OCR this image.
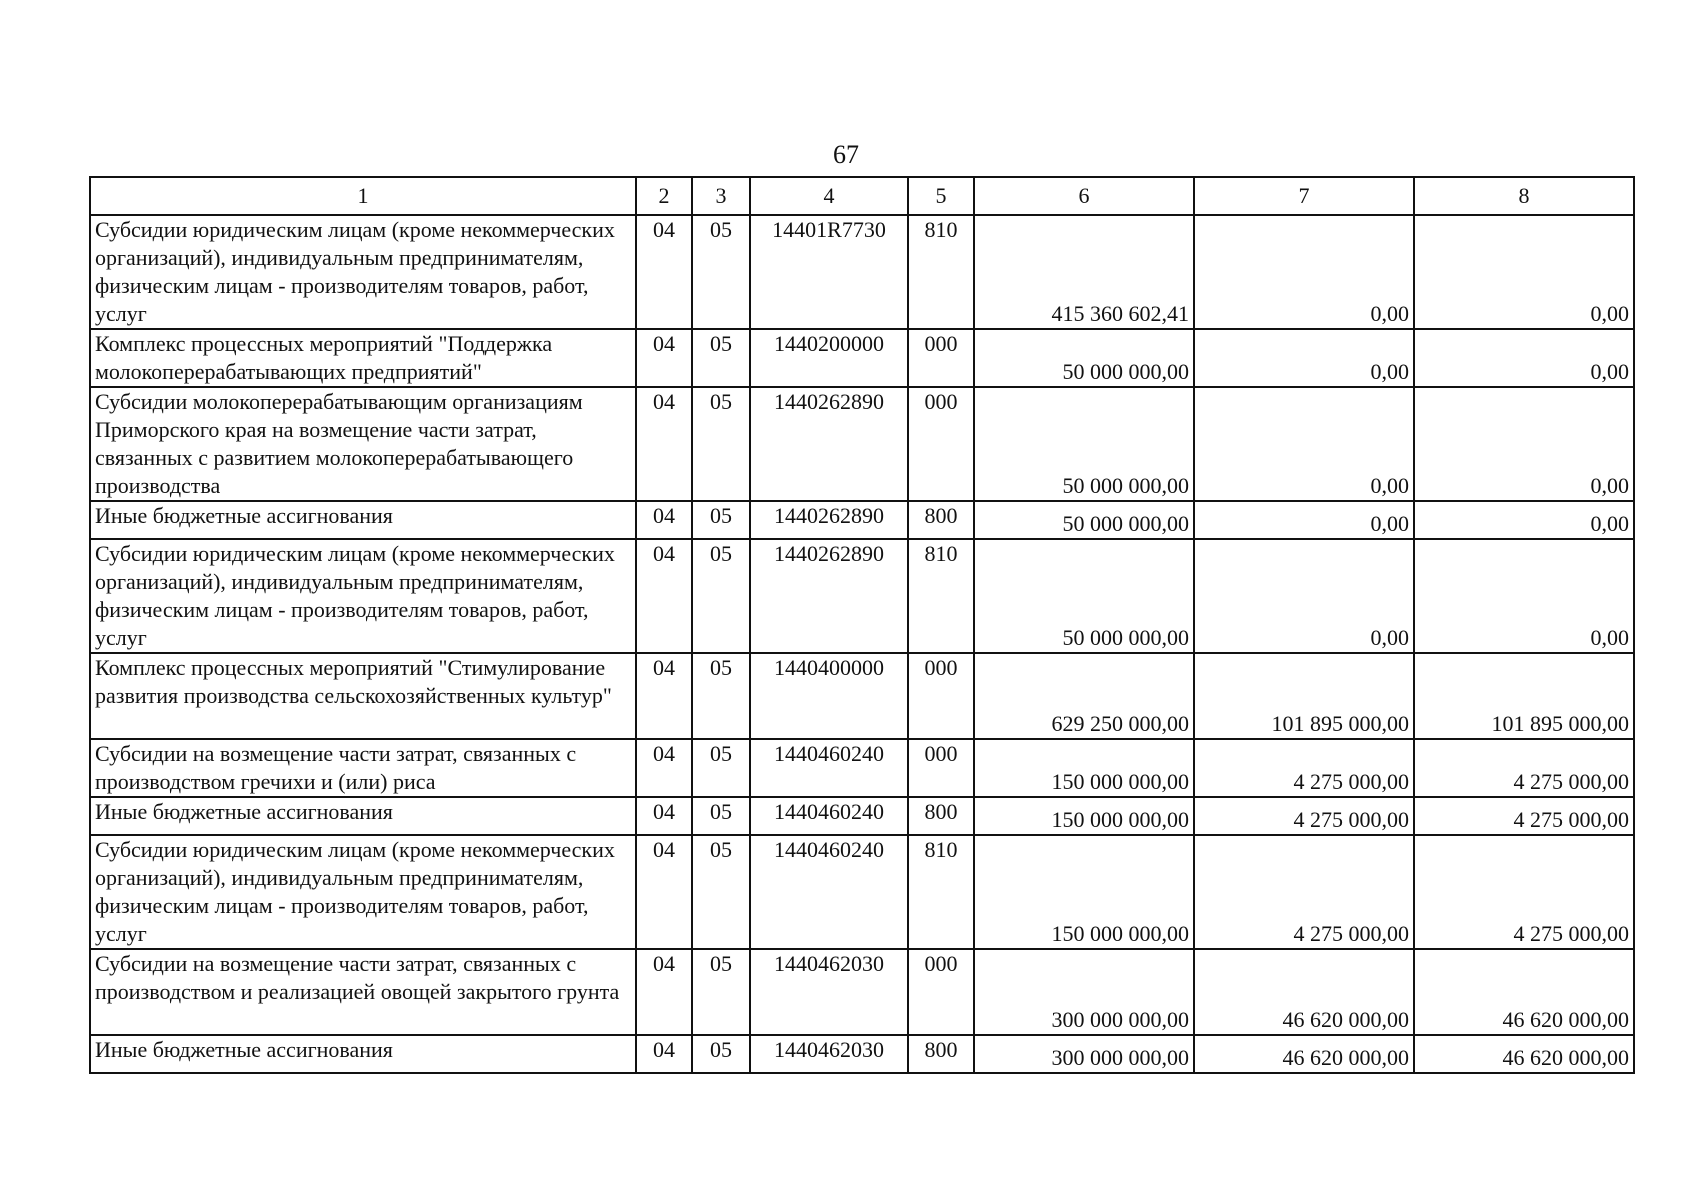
67
1	2	3	4	5	6	7	8
Субсидии юридическим лицам (кроме некоммерческих организаций), индивидуальным предпринимателям, физическим лицам - производителям товаров, работ, услуг	04	05	14401R7730	810	415 360 602,41	0,00	0,00
Комплекс процессных мероприятий "Поддержка молокоперерабатывающих предприятий"	04	05	1440200000	000	50 000 000,00	0,00	0,00
Субсидии молокоперерабатывающим организациям Приморского края на возмещение части затрат, связанных с развитием молокоперерабатывающего производства	04	05	1440262890	000	50 000 000,00	0,00	0,00
Иные бюджетные ассигнования	04	05	1440262890	800	50 000 000,00	0,00	0,00
Субсидии юридическим лицам (кроме некоммерческих организаций), индивидуальным предпринимателям, физическим лицам - производителям товаров, работ, услуг	04	05	1440262890	810	50 000 000,00	0,00	0,00
Комплекс процессных мероприятий "Стимулирование развития производства сельскохозяйственных культур"	04	05	1440400000	000	629 250 000,00	101 895 000,00	101 895 000,00
Субсидии на возмещение части затрат, связанных с производством гречихи и (или) риса	04	05	1440460240	000	150 000 000,00	4 275 000,00	4 275 000,00
Иные бюджетные ассигнования	04	05	1440460240	800	150 000 000,00	4 275 000,00	4 275 000,00
Субсидии юридическим лицам (кроме некоммерческих организаций), индивидуальным предпринимателям, физическим лицам - производителям товаров, работ, услуг	04	05	1440460240	810	150 000 000,00	4 275 000,00	4 275 000,00
Субсидии на возмещение части затрат, связанных с производством и реализацией овощей закрытого грунта	04	05	1440462030	000	300 000 000,00	46 620 000,00	46 620 000,00
Иные бюджетные ассигнования	04	05	1440462030	800	300 000 000,00	46 620 000,00	46 620 000,00
